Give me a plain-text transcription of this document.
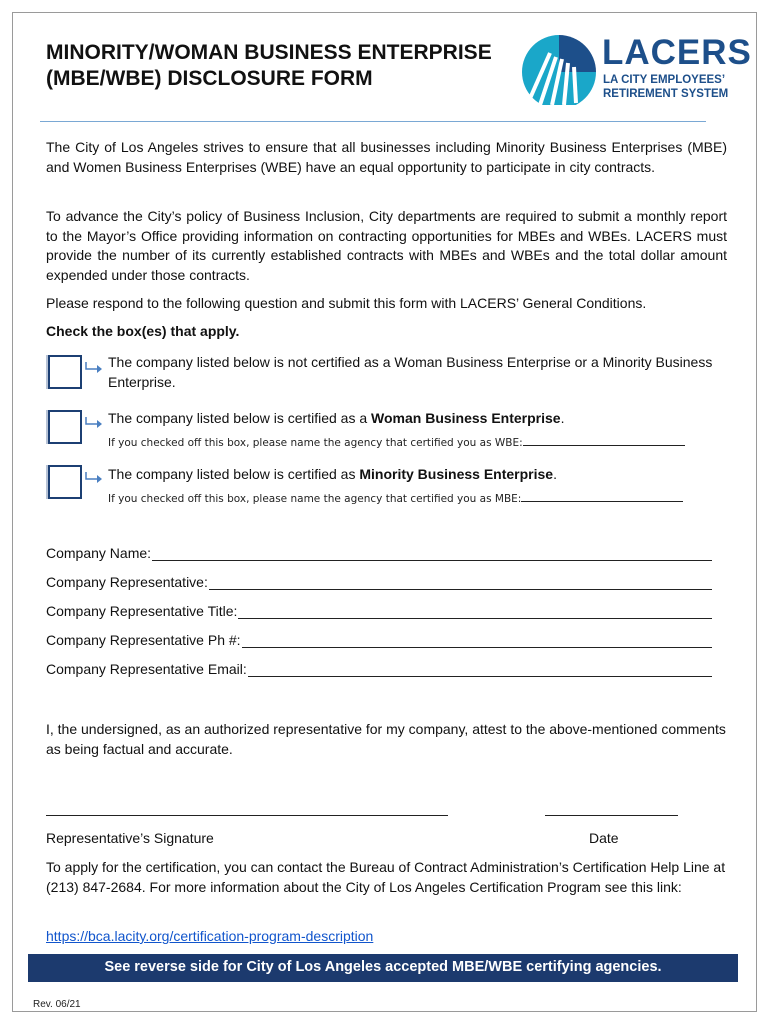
MINORITY/WOMAN BUSINESS ENTERPRISE
(MBE/WBE) DISCLOSURE FORM
LACERS
LA CITY EMPLOYEES’
RETIREMENT SYSTEM
The City of Los Angeles strives to ensure that all businesses including Minority Business Enterprises (MBE) and Women Business Enterprises (WBE) have an equal opportunity to participate in city contracts.
To advance the City’s policy of Business Inclusion, City departments are required to submit a monthly report to the Mayor’s Office providing information on contracting opportunities for MBEs and WBEs. LACERS must provide the number of its currently established contracts with MBEs and WBEs and the total dollar amount expended under those contracts.
Please respond to the following question and submit this form with LACERS’ General Conditions.
Check the box(es) that apply.
The company listed below is not certified as a Woman Business Enterprise or a Minority Business Enterprise.
The company listed below is certified as a Woman Business Enterprise.
If you checked off this box, please name the agency that certified you as WBE:
The company listed below is certified as Minority Business Enterprise.
If you checked off this box, please name the agency that certified you as MBE:
Company Name:
Company Representative:
Company Representative Title:
Company Representative Ph #:
Company Representative Email:
I, the undersigned, as an authorized representative for my company, attest to the above-mentioned comments as being factual and accurate.
Representative’s Signature	Date
To apply for the certification, you can contact the Bureau of Contract Administration’s Certification Help Line at (213) 847-2684. For more information about the City of Los Angeles Certification Program see this link:
https://bca.lacity.org/certification-program-description
See reverse side for City of Los Angeles accepted MBE/WBE certifying agencies.
Rev. 06/21
